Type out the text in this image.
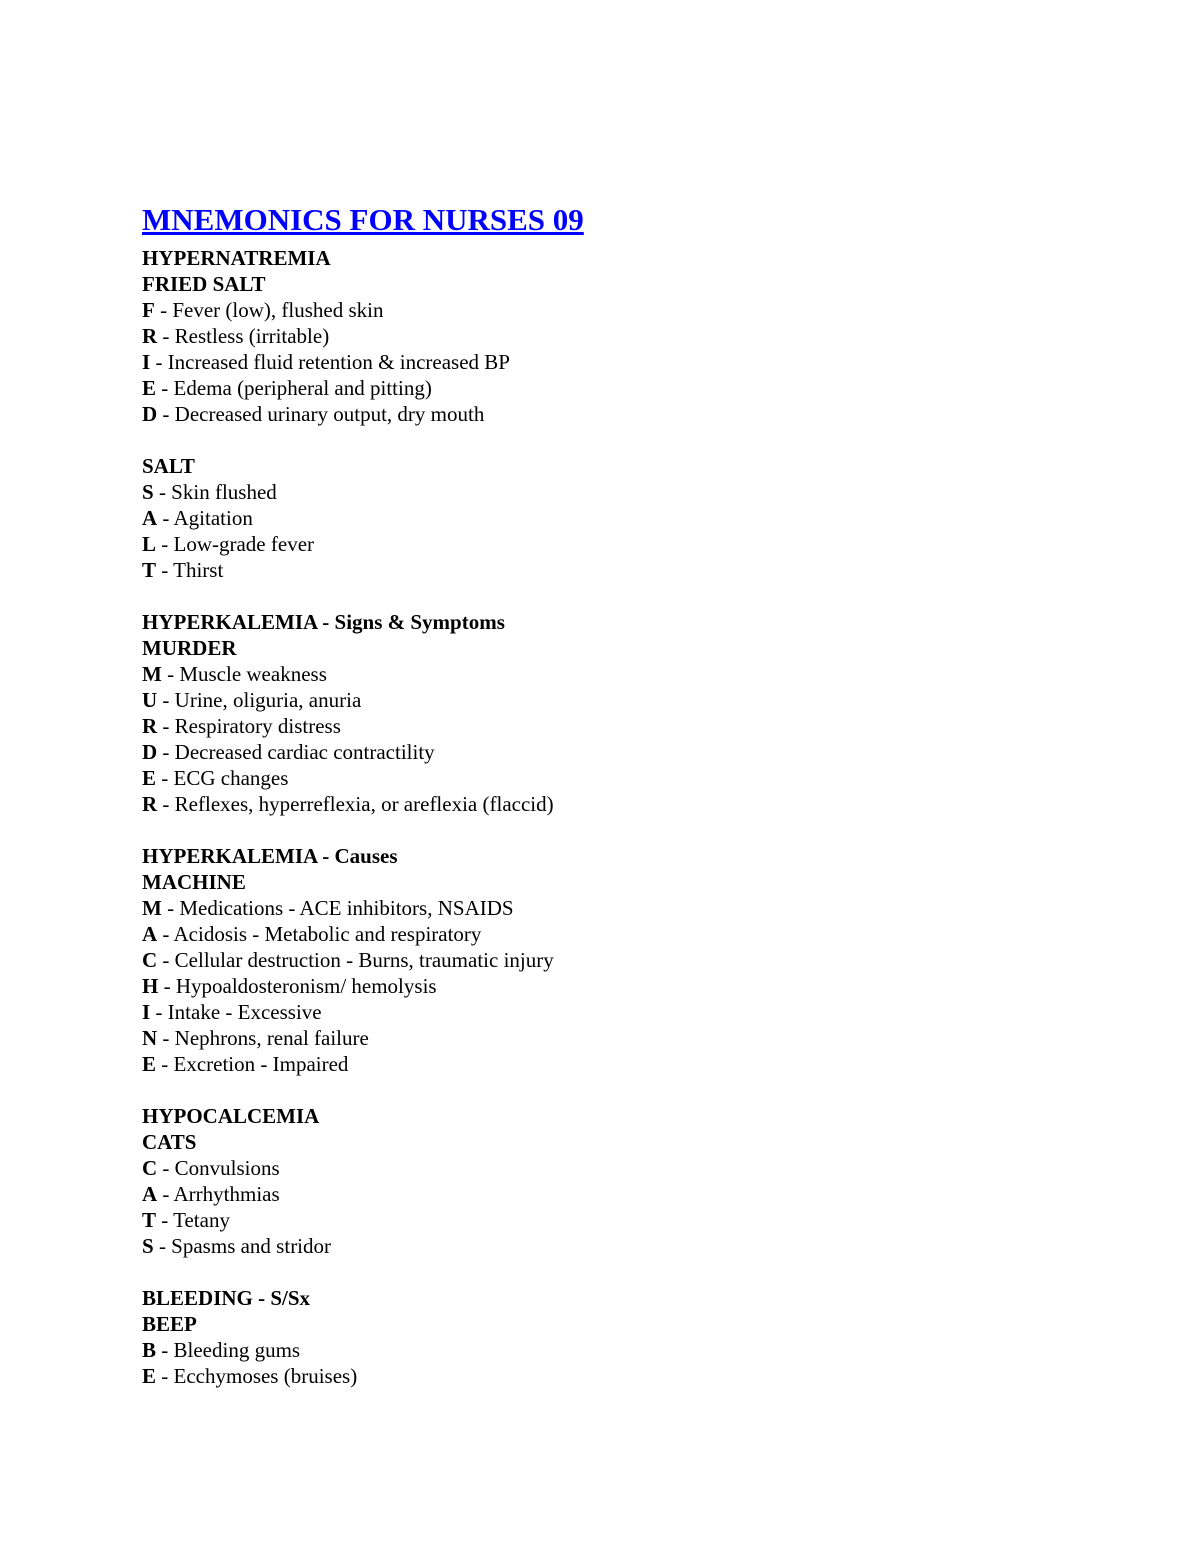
MNEMONICS FOR NURSES 09
HYPERNATREMIA
FRIED SALT
F - Fever (low), flushed skin
R - Restless (irritable)
I - Increased fluid retention & increased BP
E - Edema (peripheral and pitting)
D - Decreased urinary output, dry mouth
SALT
S - Skin flushed
A - Agitation
L - Low-grade fever
T - Thirst
HYPERKALEMIA - Signs & Symptoms
MURDER
M - Muscle weakness
U - Urine, oliguria, anuria
R - Respiratory distress
D - Decreased cardiac contractility
E - ECG changes
R - Reflexes, hyperreflexia, or areflexia (flaccid)
HYPERKALEMIA - Causes
MACHINE
M - Medications - ACE inhibitors, NSAIDS
A - Acidosis - Metabolic and respiratory
C - Cellular destruction - Burns, traumatic injury
H - Hypoaldosteronism/ hemolysis
I - Intake - Excessive
N - Nephrons, renal failure
E - Excretion - Impaired
HYPOCALCEMIA
CATS
C - Convulsions
A - Arrhythmias
T - Tetany
S - Spasms and stridor
BLEEDING - S/Sx
BEEP
B - Bleeding gums
E - Ecchymoses (bruises)
